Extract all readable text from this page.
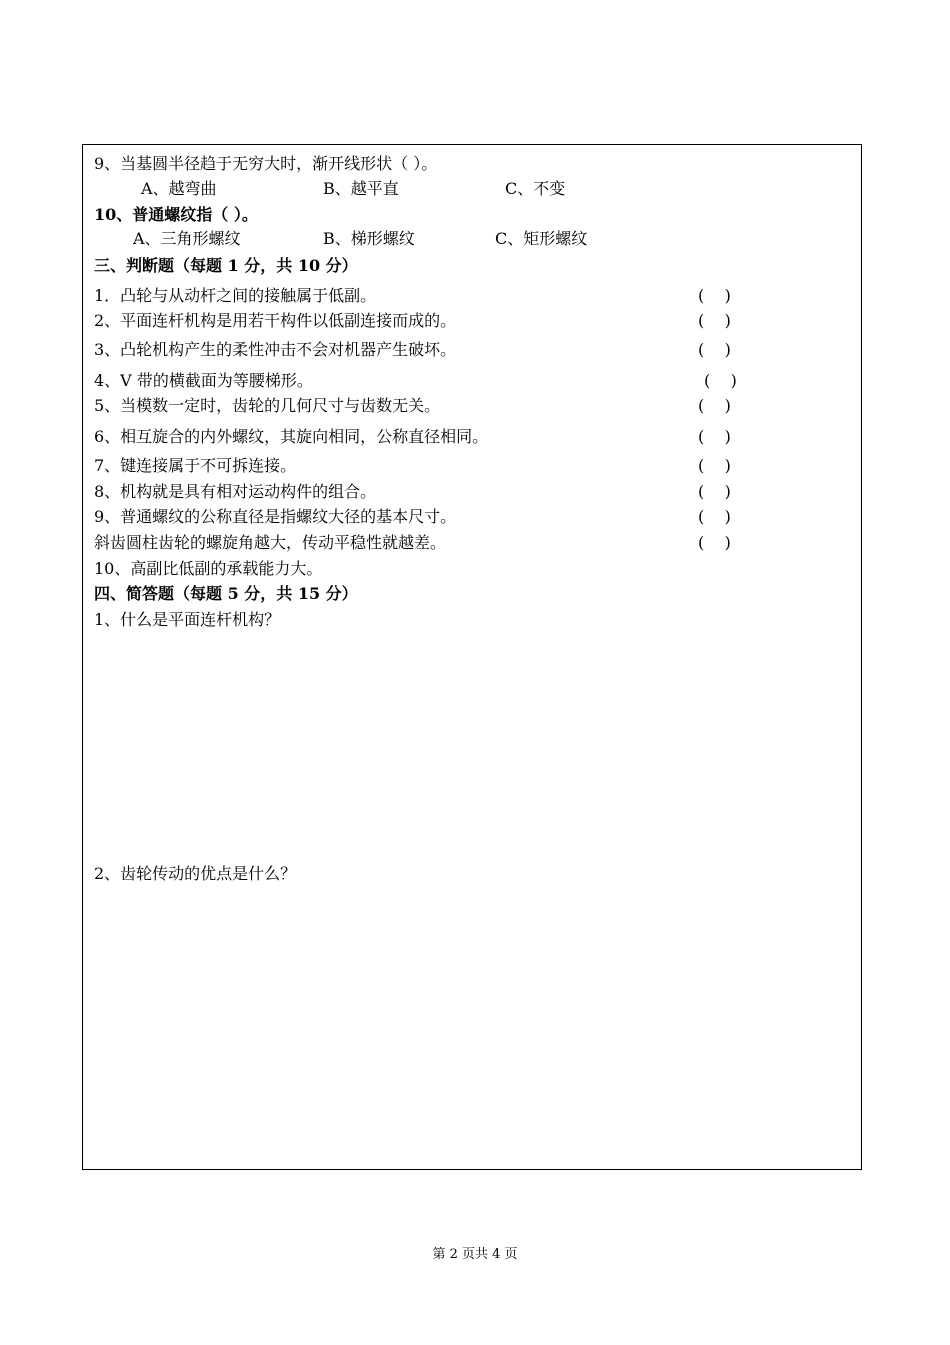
9、当基圆半径趋于无穷大时，渐开线形状（ ）。
A、越弯曲	B、越平直	C、不变
10、普通螺纹指（ ）。
A、三角形螺纹	B、梯形螺纹	C、矩形螺纹
三、判断题（每题 1 分，共 10 分）
1．凸轮与从动杆之间的接触属于低副。	(    )
2、平面连杆机构是用若干构件以低副连接而成的。	(    )
3、凸轮机构产生的柔性冲击不会对机器产生破坏。	(    )
4、V 带的横截面为等腰梯形。	(    )
5、当模数一定时，齿轮的几何尺寸与齿数无关。	(    )
6、相互旋合的内外螺纹，其旋向相同，公称直径相同。	(    )
7、键连接属于不可拆连接。	(    )
8、机构就是具有相对运动构件的组合。	(    )
9、普通螺纹的公称直径是指螺纹大径的基本尺寸。	(    )
斜齿圆柱齿轮的螺旋角越大，传动平稳性就越差。	(    )
10、高副比低副的承载能力大。
四、简答题（每题 5 分，共 15 分）
1、什么是平面连杆机构？
2、齿轮传动的优点是什么？
第 2 页共 4 页
